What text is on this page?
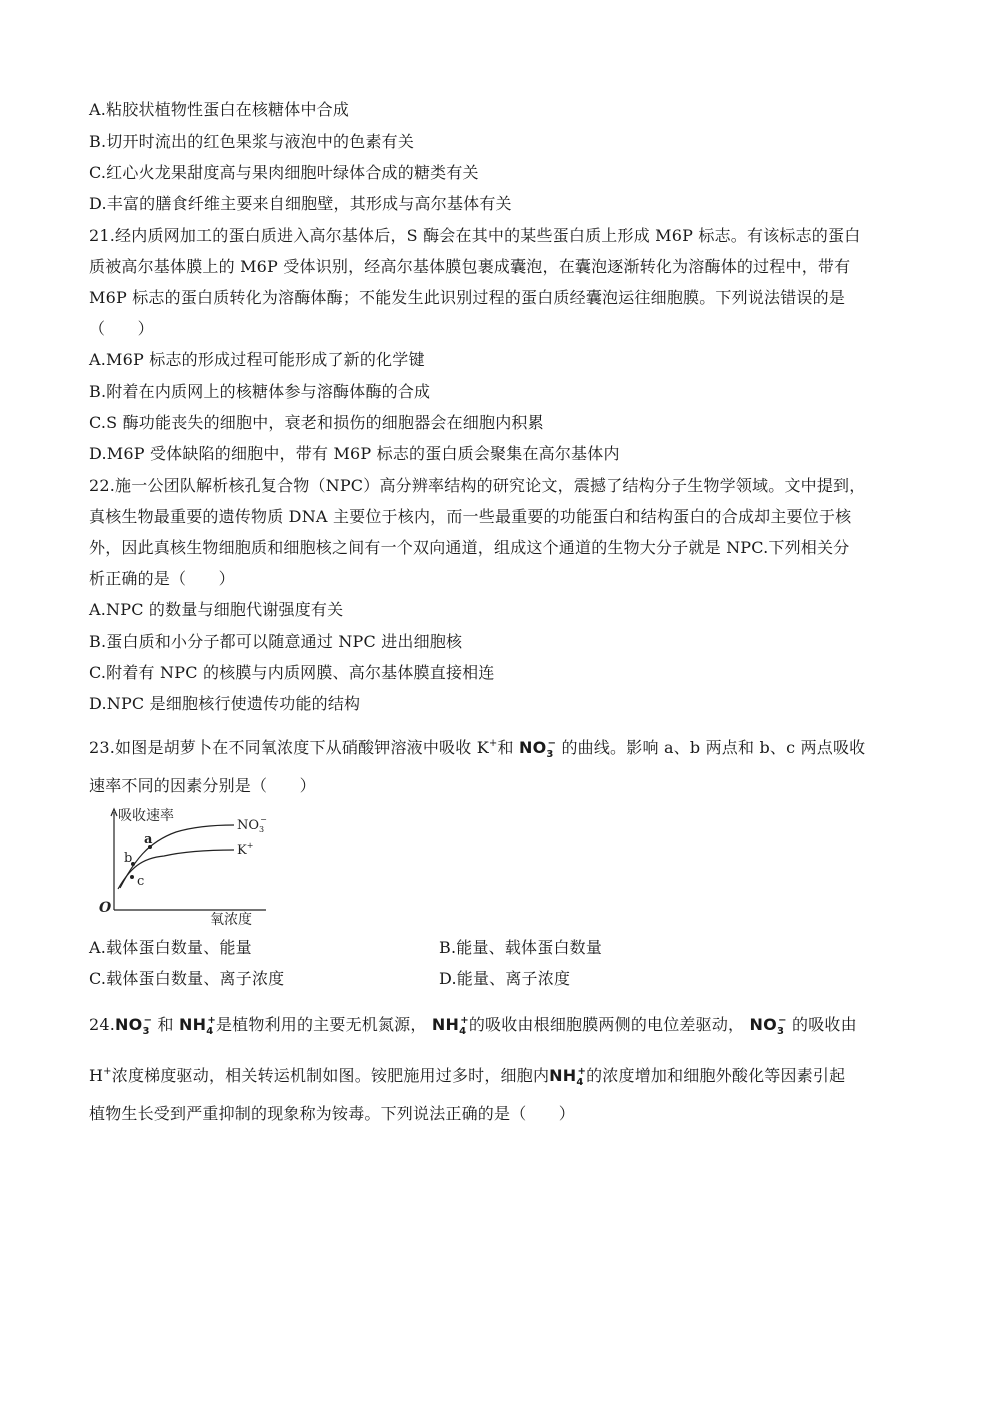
A.粘胶状植物性蛋白在核糖体中合成
B.切开时流出的红色果浆与液泡中的色素有关
C.红心火龙果甜度高与果肉细胞叶绿体合成的糖类有关
D.丰富的膳食纤维主要来自细胞壁，其形成与高尔基体有关
21.经内质网加工的蛋白质进入高尔基体后，S 酶会在其中的某些蛋白质上形成 M6P 标志。有该标志的蛋白
质被高尔基体膜上的 M6P 受体识别，经高尔基体膜包裹成囊泡，在囊泡逐渐转化为溶酶体的过程中，带有
M6P 标志的蛋白质转化为溶酶体酶；不能发生此识别过程的蛋白质经囊泡运往细胞膜。下列说法错误的是
（　　）
A.M6P 标志的形成过程可能形成了新的化学键
B.附着在内质网上的核糖体参与溶酶体酶的合成
C.S 酶功能丧失的细胞中，衰老和损伤的细胞器会在细胞内积累
D.M6P 受体缺陷的细胞中，带有 M6P 标志的蛋白质会聚集在高尔基体内
22.施一公团队解析核孔复合物（NPC）高分辨率结构的研究论文，震撼了结构分子生物学领域。文中提到，
真核生物最重要的遗传物质 DNA 主要位于核内，而一些最重要的功能蛋白和结构蛋白的合成却主要位于核
外，因此真核生物细胞质和细胞核之间有一个双向通道，组成这个通道的生物大分子就是 NPC.下列相关分
析正确的是（　　）
A.NPC 的数量与细胞代谢强度有关
B.蛋白质和小分子都可以随意通过 NPC 进出细胞核
C.附着有 NPC 的核膜与内质网膜、高尔基体膜直接相连
D.NPC 是细胞核行使遗传功能的结构
23.如图是胡萝卜在不同氧浓度下从硝酸钾溶液中吸收 K+和 $NO_3^-$ 的曲线。影响 a、b 两点和 b、c 两点吸收
速率不同的因素分别是（　　）
吸收速率
氧浓度
O
a
b
c
$NO_3-$
K+
A.载体蛋白数量、能量	B.能量、载体蛋白数量
C.载体蛋白数量、离子浓度	D.能量、离子浓度
$24.NO_3^-$ 和 $NH_4^+$是植物利用的主要无机氮源， $NH_4^+$的吸收由根细胞膜两侧的电位差驱动， $NO_3^-$ 的吸收由
H+浓度梯度驱动，相关转运机制如图。铵肥施用过多时，细胞内$NH_4^+$的浓度增加和细胞外酸化等因素引起
植物生长受到严重抑制的现象称为铵毒。下列说法正确的是（　　）
